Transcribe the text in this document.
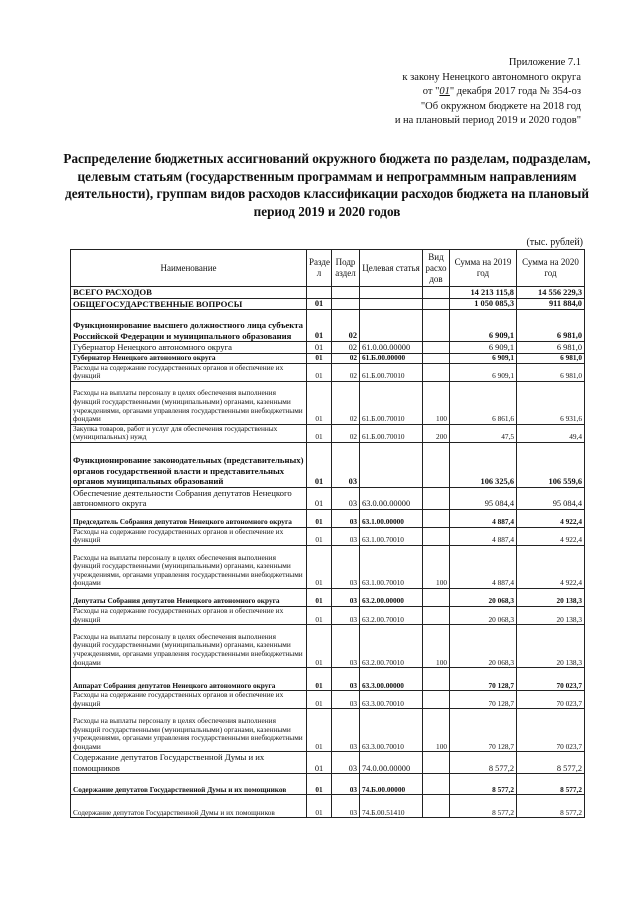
Приложение 7.1
к закону Ненецкого автономного округа
от "01" декабря 2017 года № 354-оз
"Об окружном бюджете на 2018 год
и на плановый период 2019 и 2020 годов"
Распределение бюджетных ассигнований окружного бюджета по разделам, подразделам, целевым статьям (государственным программам и непрограммным направлениям деятельности), группам видов расходов классификации расходов бюджета на плановый период 2019 и 2020 годов
(тыс. рублей)
Наименование	Разде л	Подр аздел	Целевая статья	Вид расхо дов	Сумма на 2019 год	Сумма на 2020 год
ВСЕГО РАСХОДОВ					14 213 115,8	14 556 229,3
ОБЩЕГОСУДАРСТВЕННЫЕ ВОПРОСЫ	01				1 050 085,3	911 884,0
Функционирование высшего должностного лица субъекта Российской Федерации и муниципального образования	01	02			6 909,1	6 981,0
Губернатор Ненецкого автономного округа	01	02	61.0.00.00000		6 909,1	6 981,0
Губернатор Ненецкого автономного округа	01	02	61.Б.00.00000		6 909,1	6 981,0
Расходы на содержание государственных органов и обеспечение их функций	01	02	61.Б.00.70010		6 909,1	6 981,0
Расходы на выплаты персоналу в целях обеспечения выполнения функций государственными (муниципальными) органами, казенными учреждениями, органами управления государственными внебюджетными фондами	01	02	61.Б.00.70010	100	6 861,6	6 931,6
Закупка товаров, работ и услуг для обеспечения государственных (муниципальных) нужд	01	02	61.Б.00.70010	200	47,5	49,4
Функционирование законодательных (представительных) органов государственной власти и представительных органов муниципальных образований	01	03			106 325,6	106 559,6
Обеспечение деятельности Собрания депутатов Ненецкого автономного округа	01	03	63.0.00.00000		95 084,4	95 084,4
Председатель Собрания депутатов Ненецкого автономного округа	01	03	63.1.00.00000		4 887,4	4 922,4
Расходы на содержание государственных органов и обеспечение их функций	01	03	63.1.00.70010		4 887,4	4 922,4
Расходы на выплаты персоналу в целях обеспечения выполнения функций государственными (муниципальными) органами, казенными учреждениями, органами управления государственными внебюджетными фондами	01	03	63.1.00.70010	100	4 887,4	4 922,4
Депутаты Собрания депутатов Ненецкого автономного округа	01	03	63.2.00.00000		20 068,3	20 138,3
Расходы на содержание государственных органов и обеспечение их функций	01	03	63.2.00.70010		20 068,3	20 138,3
Расходы на выплаты персоналу в целях обеспечения выполнения функций государственными (муниципальными) органами, казенными учреждениями, органами управления государственными внебюджетными фондами	01	03	63.2.00.70010	100	20 068,3	20 138,3
Аппарат Собрания депутатов Ненецкого автономного округа	01	03	63.3.00.00000		70 128,7	70 023,7
Расходы на содержание государственных органов и обеспечение их функций	01	03	63.3.00.70010		70 128,7	70 023,7
Расходы на выплаты персоналу в целях обеспечения выполнения функций государственными (муниципальными) органами, казенными учреждениями, органами управления государственными внебюджетными фондами	01	03	63.3.00.70010	100	70 128,7	70 023,7
Содержание депутатов Государственной Думы и их помощников	01	03	74.0.00.00000		8 577,2	8 577,2
Содержание депутатов Государственной Думы и их помощников	01	03	74.Б.00.00000		8 577,2	8 577,2
Содержание депутатов Государственной Думы и их помощников	01	03	74.Б.00.51410		8 577,2	8 577,2
